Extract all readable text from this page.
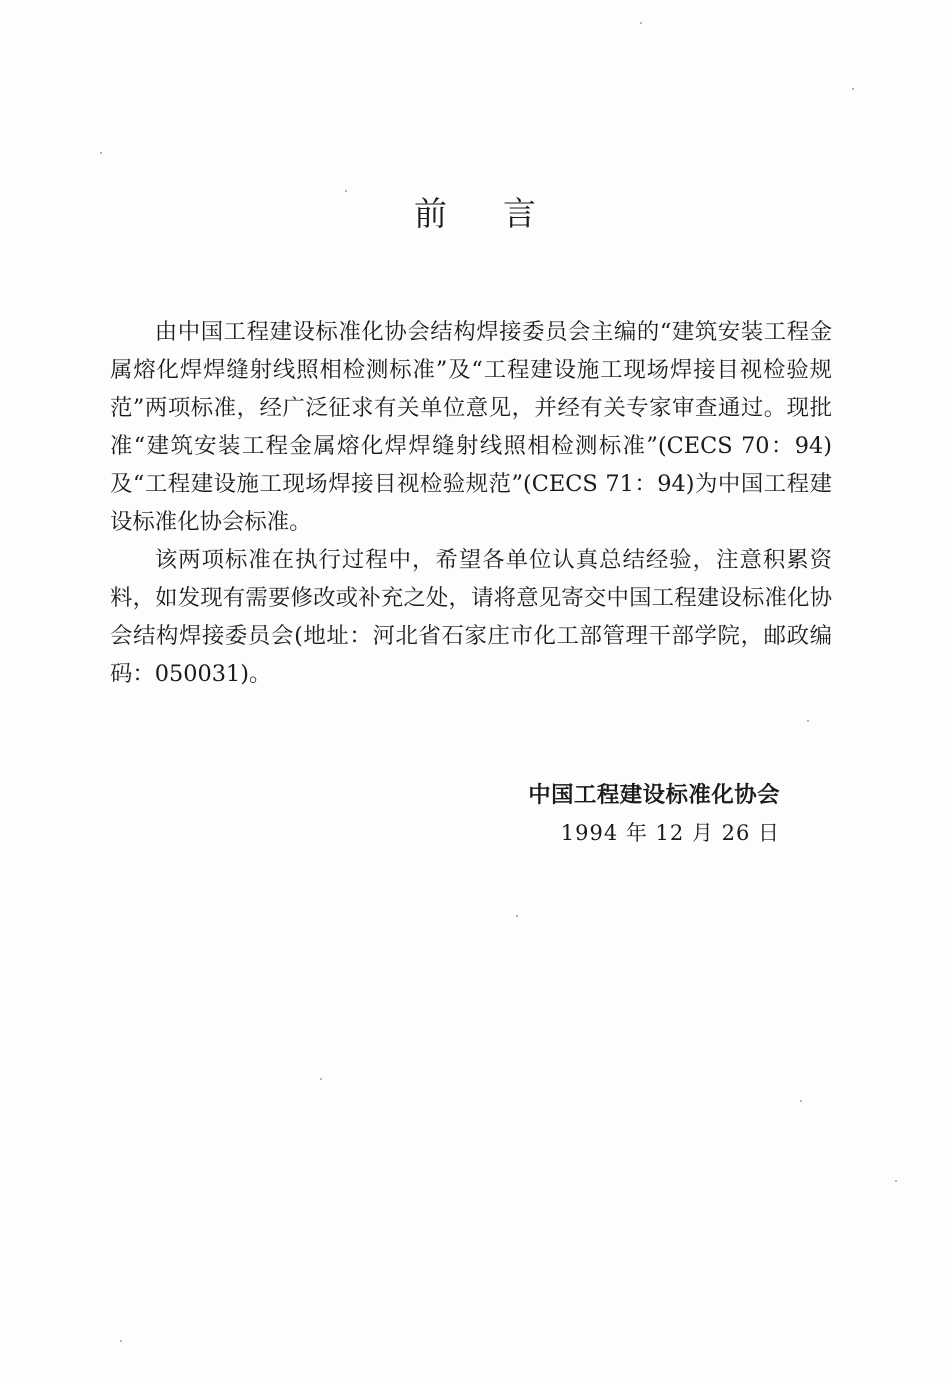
前 言

由中国工程建设标准化协会结构焊接委员会主编的“建筑安装工程金属熔化焊焊缝射线照相检测标准”及“工程建设施工现场焊接目视检验规范”两项标准，经广泛征求有关单位意见，并经有关专家审查通过。现批准“建筑安装工程金属熔化焊焊缝射线照相检测标准”(CECS 70：94)及“工程建设施工现场焊接目视检验规范”(CECS 71：94)为中国工程建设标准化协会标准。

该两项标准在执行过程中，希望各单位认真总结经验，注意积累资料，如发现有需要修改或补充之处，请将意见寄交中国工程建设标准化协会结构焊接委员会(地址：河北省石家庄市化工部管理干部学院，邮政编码：050031)。

中国工程建设标准化协会
1994 年 12 月 26 日
